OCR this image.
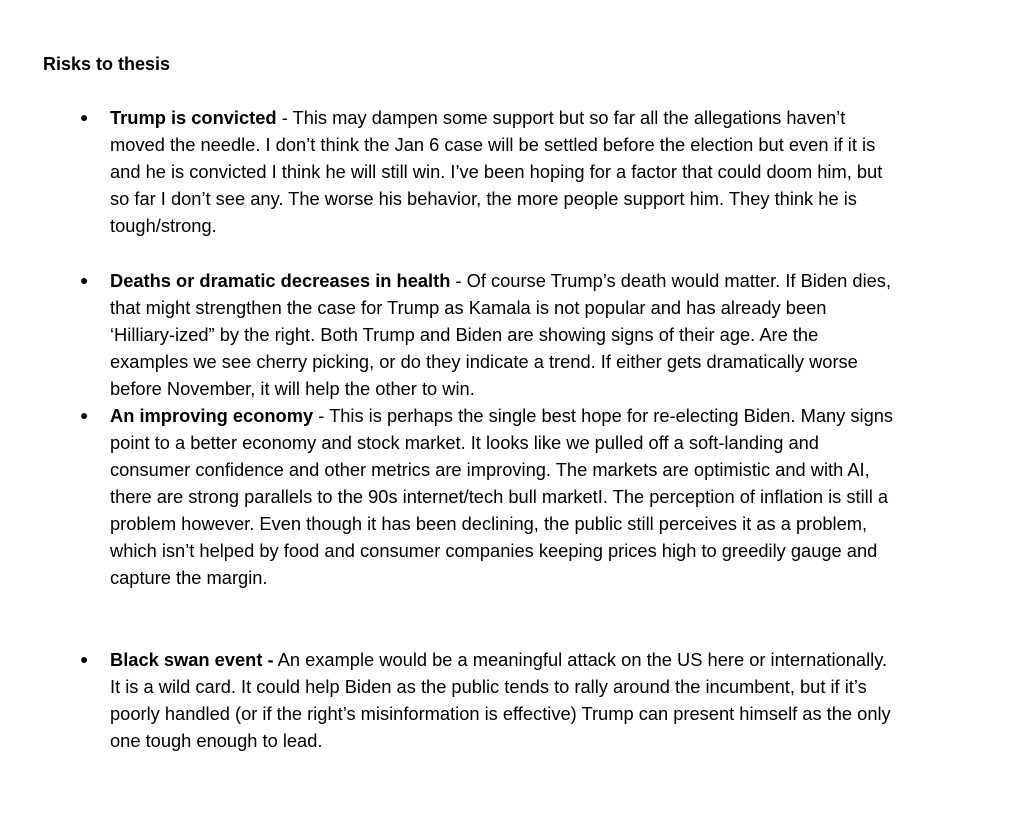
Risks to thesis
●	Trump is convicted - This may dampen some support but so far all the allegations haven’t
moved the needle. I don’t think the Jan 6 case will be settled before the election but even if it is
and he is convicted I think he will still win. I’ve been hoping for a factor that could doom him, but
so far I don’t see any. The worse his behavior, the more people support him. They think he is
tough/strong.
●	Deaths or dramatic decreases in health - Of course Trump’s death would matter. If Biden dies,
that might strengthen the case for Trump as Kamala is not popular and has already been
‘Hilliary-ized” by the right. Both Trump and Biden are showing signs of their age. Are the
examples we see cherry picking, or do they indicate a trend. If either gets dramatically worse
before November, it will help the other to win.
●	An improving economy - This is perhaps the single best hope for re-electing Biden. Many signs
point to a better economy and stock market. It looks like we pulled off a soft-landing and
consumer confidence and other metrics are improving. The markets are optimistic and with AI,
there are strong parallels to the 90s internet/tech bull marketI. The perception of inflation is still a
problem however. Even though it has been declining, the public still perceives it as a problem,
which isn’t helped by food and consumer companies keeping prices high to greedily gauge and
capture the margin.
●	Black swan event - An example would be a meaningful attack on the US here or internationally.
It is a wild card. It could help Biden as the public tends to rally around the incumbent, but if it’s
poorly handled (or if the right’s misinformation is effective) Trump can present himself as the only
one tough enough to lead.
